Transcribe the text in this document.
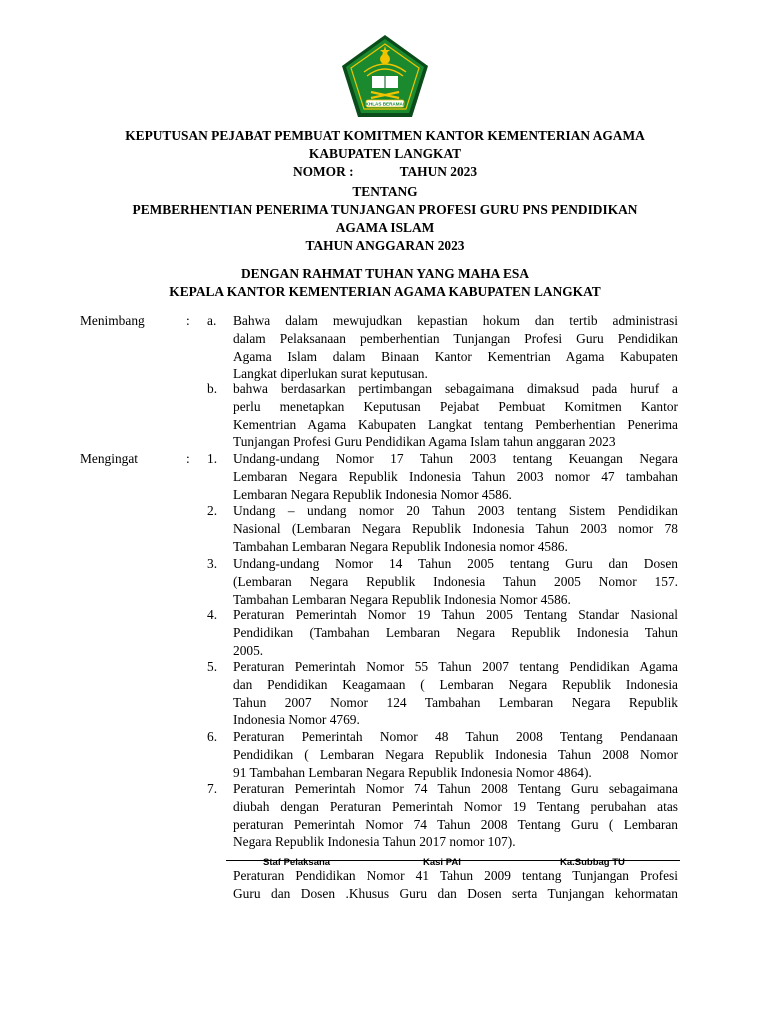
IKHLAS BERAMAL
KEPUTUSAN PEJABAT PEMBUAT KOMITMEN KANTOR KEMENTERIAN AGAMA
KABUPATEN LANGKAT
NOMOR :	TAHUN 2023
TENTANG
PEMBERHENTIAN PENERIMA TUNJANGAN PROFESI GURU PNS PENDIDIKAN
AGAMA ISLAM
TAHUN ANGGARAN 2023
DENGAN RAHMAT TUHAN YANG MAHA ESA
KEPALA KANTOR KEMENTERIAN AGAMA KABUPATEN LANGKAT
Menimbang	: a. Bahwa dalam mewujudkan kepastian hokum dan tertib administrasi
dalam Pelaksanaan pemberhentian Tunjangan Profesi Guru Pendidikan
Agama Islam dalam Binaan Kantor Kementrian Agama Kabupaten
Langkat diperlukan surat keputusan.
b. bahwa berdasarkan pertimbangan sebagaimana dimaksud pada huruf a
perlu menetapkan Keputusan Pejabat Pembuat Komitmen Kantor
Kementrian Agama Kabupaten Langkat tentang Pemberhentian Penerima
Tunjangan Profesi Guru Pendidikan Agama Islam tahun anggaran 2023
Mengingat	: 1. Undang-undang Nomor 17 Tahun 2003 tentang Keuangan Negara
Lembaran Negara Republik Indonesia Tahun 2003 nomor 47 tambahan
Lembaran Negara Republik Indonesia Nomor 4586.
2. Undang – undang nomor 20 Tahun 2003 tentang Sistem Pendidikan
Nasional (Lembaran Negara Republik Indonesia Tahun 2003 nomor 78
Tambahan Lembaran Negara Republik Indonesia nomor 4586.
3. Undang-undang Nomor 14 Tahun 2005 tentang Guru dan Dosen
(Lembaran Negara Republik Indonesia Tahun 2005 Nomor 157.
Tambahan Lembaran Negara Republik Indonesia Nomor 4586.
4. Peraturan Pemerintah Nomor 19 Tahun 2005 Tentang Standar Nasional
Pendidikan (Tambahan Lembaran Negara Republik Indonesia Tahun
2005.
5. Peraturan Pemerintah Nomor 55 Tahun 2007 tentang Pendidikan Agama
dan Pendidikan Keagamaan ( Lembaran Negara Republik Indonesia
Tahun 2007 Nomor 124 Tambahan Lembaran Negara Republik
Indonesia Nomor 4769.
6. Peraturan Pemerintah Nomor 48 Tahun 2008 Tentang Pendanaan
Pendidikan ( Lembaran Negara Republik Indonesia Tahun 2008 Nomor
91 Tambahan Lembaran Negara Republik Indonesia Nomor 4864).
7. Peraturan Pemerintah Nomor 74 Tahun 2008 Tentang Guru sebagaimana
diubah dengan Peraturan Pemerintah Nomor 19 Tentang perubahan atas
peraturan Pemerintah Nomor 74 Tahun 2008 Tentang Guru ( Lembaran
Negara Republik Indonesia Tahun 2017 nomor 107).
Staf Pelaksana	Kasi PAI	Ka.Subbag TU
Peraturan Pendidikan Nomor 41 Tahun 2009 tentang Tunjangan Profesi
Guru dan Dosen .Khusus Guru dan Dosen serta Tunjangan kehormatan
